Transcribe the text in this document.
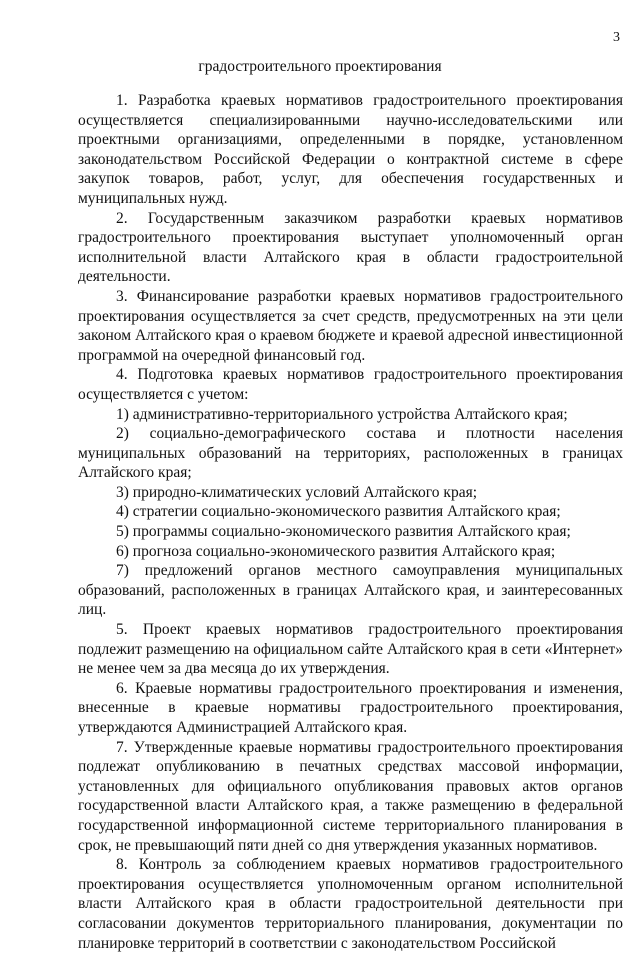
3
градостроительного проектирования

1. Разработка краевых нормативов градостроительного проектирования осуществляется специализированными научно-исследовательскими или проектными организациями, определенными в порядке, установленном законодательством Российской Федерации о контрактной системе в сфере закупок товаров, работ, услуг, для обеспечения государственных и муниципальных нужд.

2. Государственным заказчиком разработки краевых нормативов градостроительного проектирования выступает уполномоченный орган исполнительной власти Алтайского края в области градостроительной деятельности.

3. Финансирование разработки краевых нормативов градостроительного проектирования осуществляется за счет средств, предусмотренных на эти цели законом Алтайского края о краевом бюджете и краевой адресной инвестиционной программой на очередной финансовый год.

4. Подготовка краевых нормативов градостроительного проектирования осуществляется с учетом:

1) административно-территориального устройства Алтайского края;

2) социально-демографического состава и плотности населения муниципальных образований на территориях, расположенных в границах Алтайского края;

3) природно-климатических условий Алтайского края;

4) стратегии социально-экономического развития Алтайского края;

5) программы социально-экономического развития Алтайского края;

6) прогноза социально-экономического развития Алтайского края;

7) предложений органов местного самоуправления муниципальных образований, расположенных в границах Алтайского края, и заинтересованных лиц.

5. Проект краевых нормативов градостроительного проектирования подлежит размещению на официальном сайте Алтайского края в сети «Интернет» не менее чем за два месяца до их утверждения.

6. Краевые нормативы градостроительного проектирования и изменения, внесенные в краевые нормативы градостроительного проектирования, утверждаются Администрацией Алтайского края.

7. Утвержденные краевые нормативы градостроительного проектирования подлежат опубликованию в печатных средствах массовой информации, установленных для официального опубликования правовых актов органов государственной власти Алтайского края, а также размещению в федеральной государственной информационной системе территориального планирования в срок, не превышающий пяти дней со дня утверждения указанных нормативов.

8. Контроль за соблюдением краевых нормативов градостроительного проектирования осуществляется уполномоченным органом исполнительной власти Алтайского края в области градостроительной деятельности при согласовании документов территориального планирования, документации по планировке территорий в соответствии с законодательством Российской
